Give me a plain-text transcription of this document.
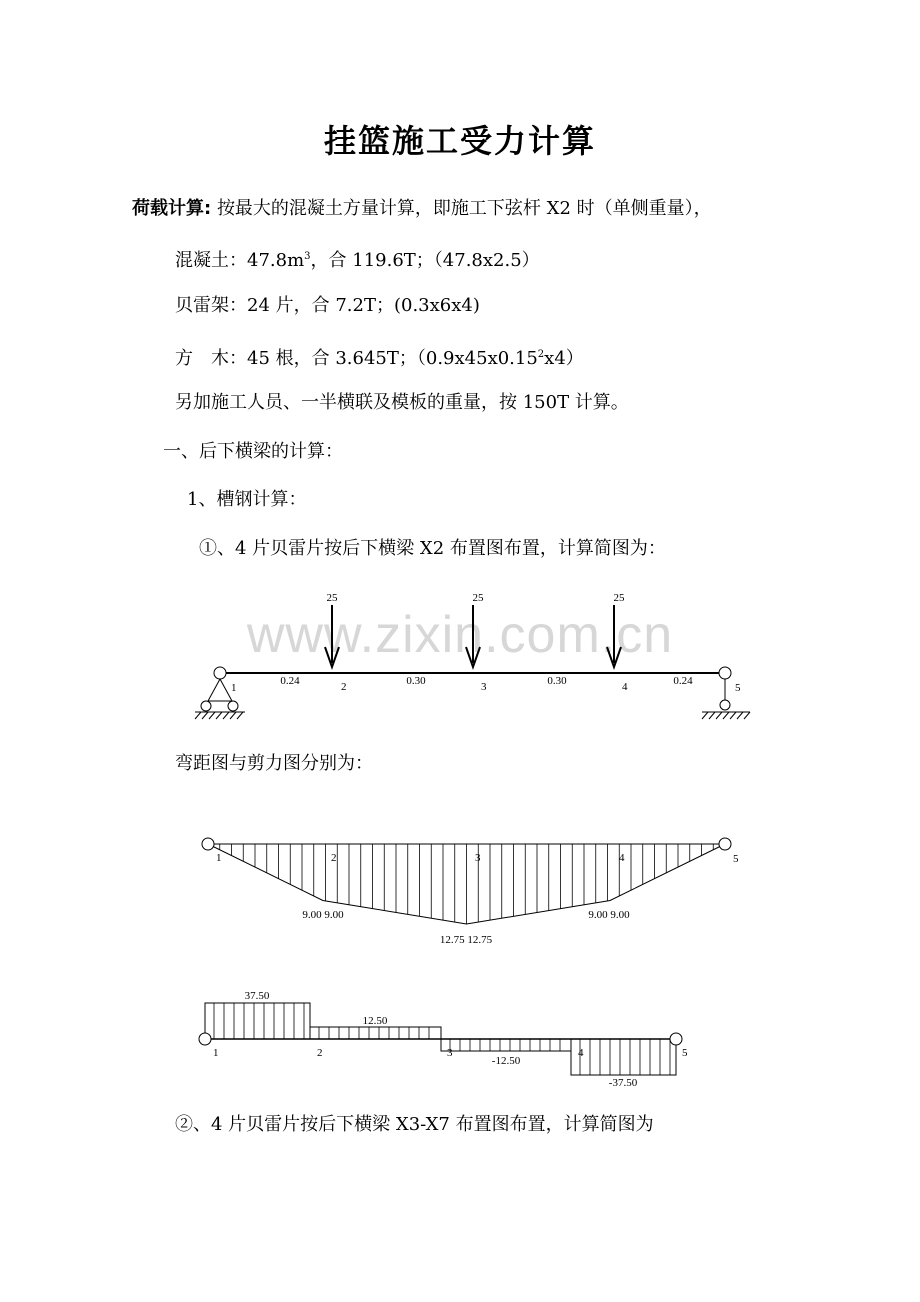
挂篮施工受力计算
荷载计算: 按最大的混凝土方量计算，即施工下弦杆 X2 时（单侧重量），
混凝土：$47.8m^3$，合 119.6T；（47.8x2.5）
贝雷架：24 片，合 7.2T；(0.3x6x4)
方　木：45 根，合 3.645T；（0.9x45x0.15$^2$x4）
另加施工人员、一半横联及模板的重量，按 150T 计算。
一、后下横梁的计算：
1、槽钢计算：
①、4 片贝雷片按后下横梁 X2 布置图布置，计算简图为：
www.zixin.com.cn
25	25	25
0.24	0.30	0.30	0.24
1	2	3	4	5
弯距图与剪力图分别为：
1	2	3	4	5
9.00 9.00
12.75 12.75
9.00 9.00
1	2	3	4	5
37.50
12.50
-12.50
-37.50
②、4 片贝雷片按后下横梁 X3-X7 布置图布置，计算简图为
